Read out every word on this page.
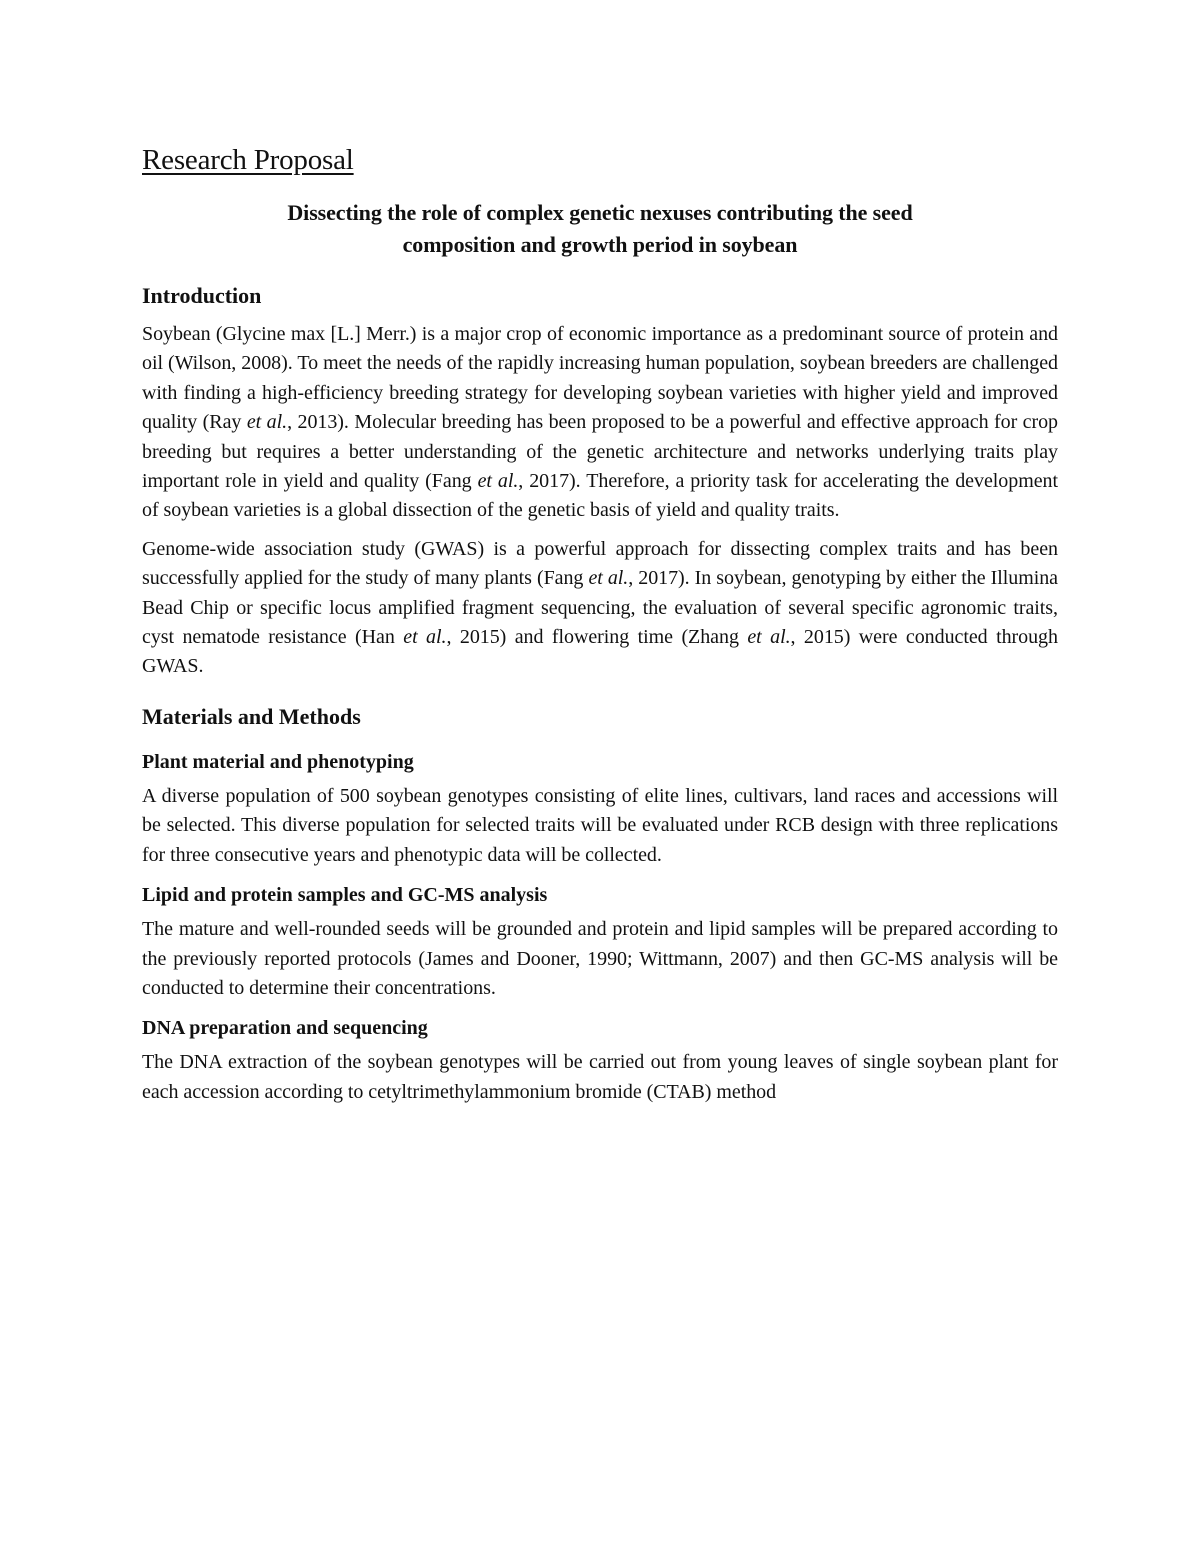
Research Proposal
Dissecting the role of complex genetic nexuses contributing the seed
composition and growth period in soybean
Introduction

Soybean (Glycine max [L.] Merr.) is a major crop of economic importance as a predominant source of protein and oil (Wilson, 2008). To meet the needs of the rapidly increasing human population, soybean breeders are challenged with finding a high-efficiency breeding strategy for developing soybean varieties with higher yield and improved quality (Ray et al., 2013). Molecular breeding has been proposed to be a powerful and effective approach for crop breeding but requires a better understanding of the genetic architecture and networks underlying traits play important role in yield and quality (Fang et al., 2017). Therefore, a priority task for accelerating the development of soybean varieties is a global dissection of the genetic basis of yield and quality traits.

Genome-wide association study (GWAS) is a powerful approach for dissecting complex traits and has been successfully applied for the study of many plants (Fang et al., 2017). In soybean, genotyping by either the Illumina Bead Chip or specific locus amplified fragment sequencing, the evaluation of several specific agronomic traits, cyst nematode resistance (Han et al., 2015) and flowering time (Zhang et al., 2015) were conducted through GWAS.

Materials and Methods
Plant material and phenotyping

A diverse population of 500 soybean genotypes consisting of elite lines, cultivars, land races and accessions will be selected. This diverse population for selected traits will be evaluated under RCB design with three replications for three consecutive years and phenotypic data will be collected.

Lipid and protein samples and GC-MS analysis

The mature and well-rounded seeds will be grounded and protein and lipid samples will be prepared according to the previously reported protocols (James and Dooner, 1990; Wittmann, 2007) and then GC-MS analysis will be conducted to determine their concentrations.

DNA preparation and sequencing

The DNA extraction of the soybean genotypes will be carried out from young leaves of single soybean plant for each accession according to cetyltrimethylammonium bromide (CTAB) method
